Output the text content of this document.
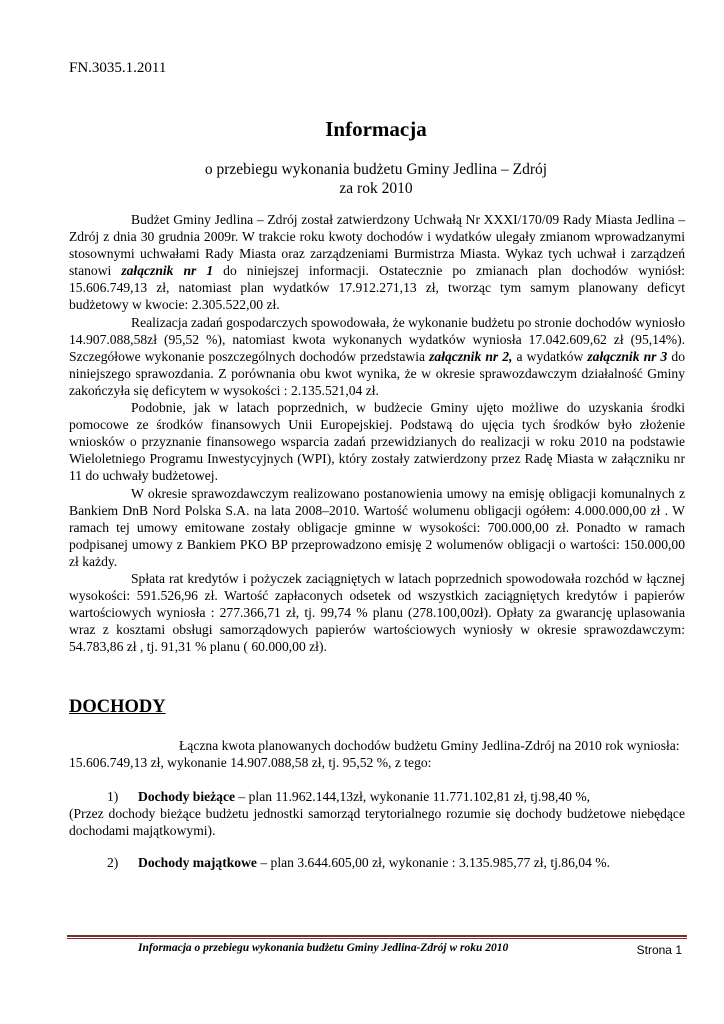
FN.3035.1.2011
Informacja
o przebiegu wykonania budżetu Gminy Jedlina – Zdrój
za rok 2010

Budżet Gminy Jedlina – Zdrój został zatwierdzony Uchwałą Nr XXXI/170/09 Rady Miasta Jedlina – Zdrój z dnia 30 grudnia 2009r. W trakcie roku kwoty dochodów i wydatków ulegały zmianom wprowadzanymi stosownymi uchwałami Rady Miasta oraz zarządzeniami Burmistrza Miasta. Wykaz tych uchwał i zarządzeń stanowi załącznik nr 1 do niniejszej informacji. Ostatecznie po zmianach plan dochodów wyniósł: 15.606.749,13 zł, natomiast plan wydatków 17.912.271,13 zł, tworząc tym samym planowany deficyt budżetowy w kwocie: 2.305.522,00 zł.

Realizacja zadań gospodarczych spowodowała, że wykonanie budżetu po stronie dochodów wyniosło 14.907.088,58zł (95,52 %), natomiast kwota wykonanych wydatków wyniosła 17.042.609,62 zł (95,14%). Szczegółowe wykonanie poszczególnych dochodów przedstawia załącznik nr 2, a wydatków załącznik nr 3 do niniejszego sprawozdania. Z porównania obu kwot wynika, że w okresie sprawozdawczym działalność Gminy zakończyła się deficytem w wysokości : 2.135.521,04 zł.

Podobnie, jak w latach poprzednich, w budżecie Gminy ujęto możliwe do uzyskania środki pomocowe ze środków finansowych Unii Europejskiej. Podstawą do ujęcia tych środków było złożenie wniosków o przyznanie finansowego wsparcia zadań przewidzianych do realizacji w roku 2010 na podstawie Wieloletniego Programu Inwestycyjnych (WPI), który zostały zatwierdzony przez Radę Miasta w załączniku nr 11 do uchwały budżetowej.

W okresie sprawozdawczym realizowano postanowienia umowy na emisję obligacji komunalnych z Bankiem DnB Nord Polska S.A. na lata 2008–2010. Wartość wolumenu obligacji ogółem: 4.000.000,00 zł . W ramach tej umowy emitowane zostały obligacje gminne w wysokości: 700.000,00 zł. Ponadto w ramach podpisanej umowy z Bankiem PKO BP przeprowadzono emisję 2 wolumenów obligacji o wartości: 150.000,00 zł każdy.

Spłata rat kredytów i pożyczek zaciągniętych w latach poprzednich spowodowała rozchód w łącznej wysokości: 591.526,96 zł. Wartość zapłaconych odsetek od wszystkich zaciągniętych kredytów i papierów wartościowych wyniosła : 277.366,71 zł, tj. 99,74 % planu (278.100,00zł). Opłaty za gwarancję uplasowania wraz z kosztami obsługi samorządowych papierów wartościowych wyniosły w okresie sprawozdawczym: 54.783,86 zł , tj. 91,31 % planu ( 60.000,00 zł).

DOCHODY

Łączna kwota planowanych dochodów budżetu Gminy Jedlina-Zdrój na 2010 rok wyniosła: 15.606.749,13 zł, wykonanie 14.907.088,58 zł, tj. 95,52 %, z tego:

1) Dochody bieżące – plan 11.962.144,13zł, wykonanie 11.771.102,81 zł, tj.98,40 %,

(Przez dochody bieżące budżetu jednostki samorząd terytorialnego rozumie się dochody budżetowe niebędące dochodami majątkowymi).

2) Dochody majątkowe – plan 3.644.605,00 zł, wykonanie : 3.135.985,77 zł, tj.86,04 %.
Informacja o przebiegu wykonania budżetu Gminy Jedlina-Zdrój w roku 2010	Strona 1
